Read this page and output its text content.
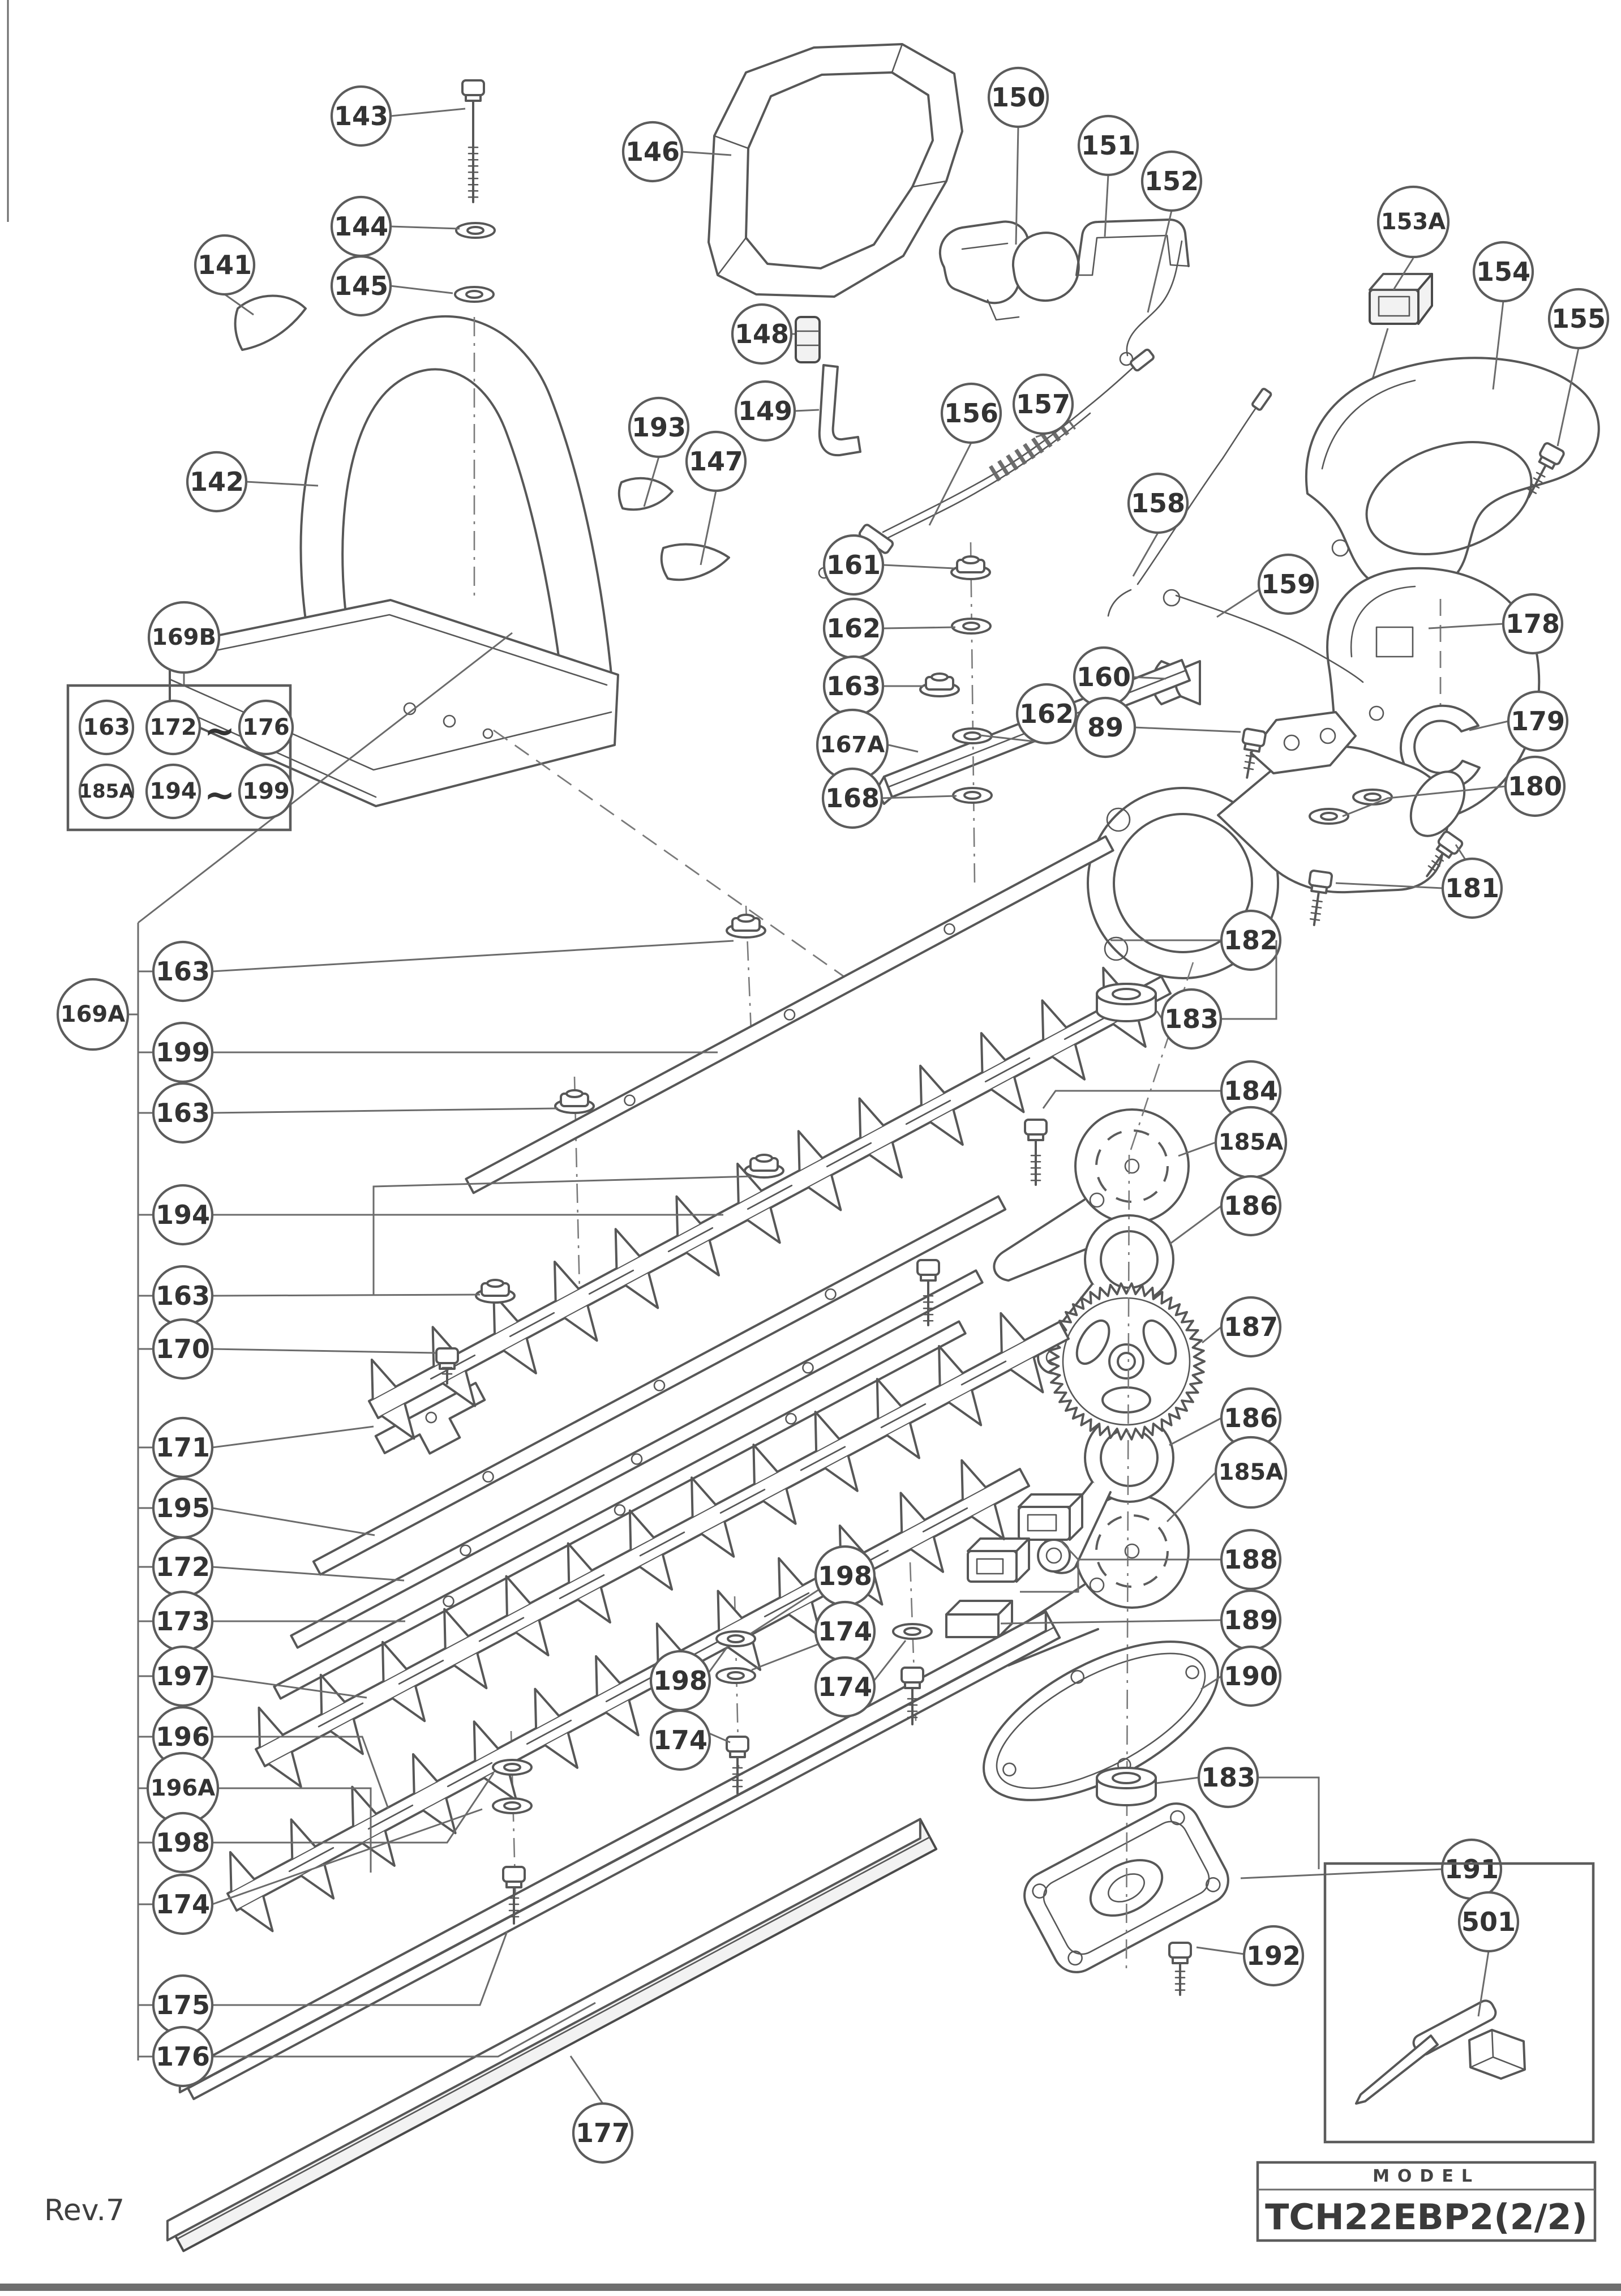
143
144
145
141
146
142
193
147
148
149
150
151
152
153A
154
155
156 157
158
159
161
162
163
167A
168
160
89
162
178
179
180
181
169B
169A
163
199
163
194
163
170
171
195
172
173
197
196
196A
198
174
175
176
177
182
183
184
185A
186
187
186
185A
188
189
190
183
191
192
501
198
174
174
198
174
163 172 ~ 176
185A 194 ~ 199
MODEL
TCH22EBP2(2/2)
Rev.7
